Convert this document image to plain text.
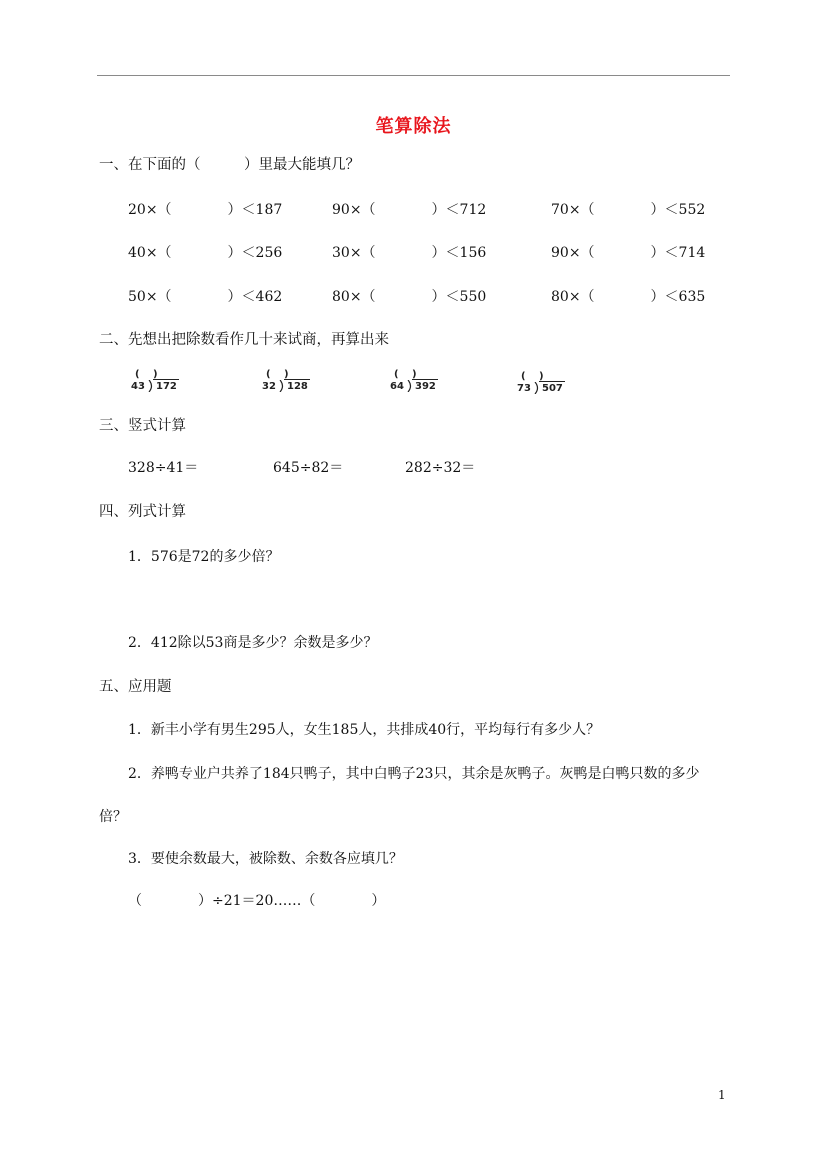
笔算除法
一、在下面的（　　　）里最大能填几？
20×（　　　　）＜187	90×（　　　　）＜712	70×（　　　　）＜552
40×（　　　　）＜256	30×（　　　　）＜156	90×（　　　　）＜714
50×（　　　　）＜462	80×（　　　　）＜550	80×（　　　　）＜635
二、先想出把除数看作几十来试商，再算出来
(　 )
43 172
(　 )
32 128
(　 )
64 392
(　 )
73 507
三、竖式计算
328÷41＝	645÷82＝	282÷32＝
四、列式计算
1．576是72的多少倍？
2．412除以53商是多少？余数是多少？
五、应用题
1．新丰小学有男生295人，女生185人，共排成40行，平均每行有多少人？
2．养鸭专业户共养了184只鸭子，其中白鸭子23只，其余是灰鸭子。灰鸭是白鸭只数的多少
倍？
3．要使余数最大，被除数、余数各应填几？
（　　　　）÷21＝20……（　　　　）
1
